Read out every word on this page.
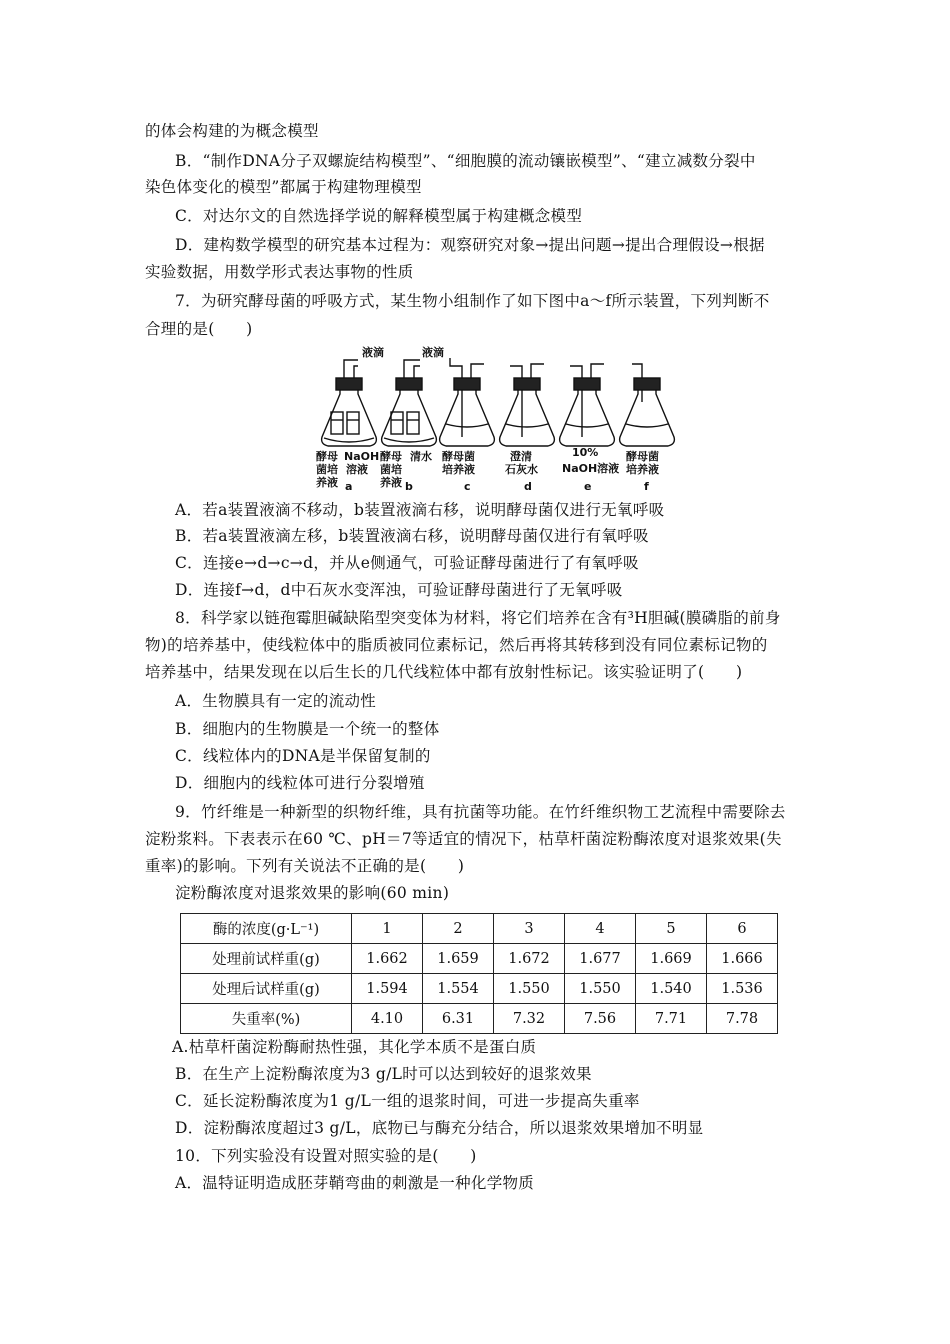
的体会构建的为概念模型
B．“制作DNA分子双螺旋结构模型”、“细胞膜的流动镶嵌模型”、“建立减数分裂中
染色体变化的模型”都属于构建物理模型
C．对达尔文的自然选择学说的解释模型属于构建概念模型
D．建构数学模型的研究基本过程为：观察研究对象→提出问题→提出合理假设→根据
实验数据，用数学形式表达事物的性质
7．为研究酵母菌的呼吸方式，某生物小组制作了如下图中a～f所示装置，下列判断不
合理的是(　　)
液滴	液滴
酵母
菌培
养液
NaOH
溶液
酵母
菌培
养液
清水 酵母菌
培养液
澄清
石灰水
10%
NaOH溶液
酵母菌
培养液
a	b	c	d	e	f
A．若a装置液滴不移动，b装置液滴右移，说明酵母菌仅进行无氧呼吸
B．若a装置液滴左移，b装置液滴右移，说明酵母菌仅进行有氧呼吸
C．连接e→d→c→d，并从e侧通气，可验证酵母菌进行了有氧呼吸
D．连接f→d，d中石灰水变浑浊，可验证酵母菌进行了无氧呼吸
8．科学家以链孢霉胆碱缺陷型突变体为材料，将它们培养在含有³H胆碱(膜磷脂的前身
物)的培养基中，使线粒体中的脂质被同位素标记，然后再将其转移到没有同位素标记物的
培养基中，结果发现在以后生长的几代线粒体中都有放射性标记。该实验证明了(　　)
A．生物膜具有一定的流动性
B．细胞内的生物膜是一个统一的整体
C．线粒体内的DNA是半保留复制的
D．细胞内的线粒体可进行分裂增殖
9．竹纤维是一种新型的织物纤维，具有抗菌等功能。在竹纤维织物工艺流程中需要除去
淀粉浆料。下表表示在60 ℃、pH＝7等适宜的情况下，枯草杆菌淀粉酶浓度对退浆效果(失
重率)的影响。下列有关说法不正确的是(　　)
淀粉酶浓度对退浆效果的影响(60 min)
酶的浓度(g·L⁻¹)	1	2	3	4	5	6
处理前试样重(g)	1.662	1.659	1.672	1.677	1.669	1.666
处理后试样重(g)	1.594	1.554	1.550	1.550	1.540	1.536
失重率(%)	4.10	6.31	7.32	7.56	7.71	7.78
A.枯草杆菌淀粉酶耐热性强，其化学本质不是蛋白质
B．在生产上淀粉酶浓度为3 g/L时可以达到较好的退浆效果
C．延长淀粉酶浓度为1 g/L一组的退浆时间，可进一步提高失重率
D．淀粉酶浓度超过3 g/L，底物已与酶充分结合，所以退浆效果增加不明显
10．下列实验没有设置对照实验的是(　　)
A．温特证明造成胚芽鞘弯曲的刺激是一种化学物质
